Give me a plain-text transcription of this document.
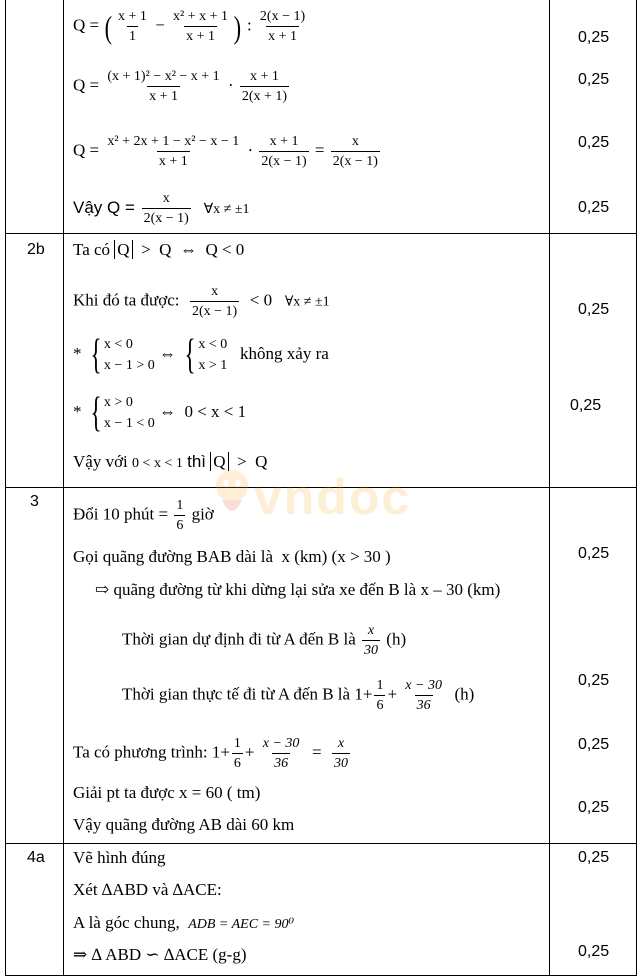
vndoc
2b
3
4a
0,25
0,25
0,25
0,25
0,25
0,25
0,25
0,25
0,25
0,25
0,25
0,25
Q = ( $\frac{x + 1}{1} - \frac{\text{x² + x + 1}}{x + 1}$ ) : $\frac{2(x - 1)}{x + 1}$
$Q = \frac{\text{(x + 1)² − x² − x + 1}}{x + 1} \cdot \frac{x + 1}{2(x + 1)}$
$Q = \frac{\text{x² + 2x + 1 − x² − x − 1}}{x + 1} \cdot \frac{x + 1}{2(x - 1)} = \frac{x}{2(x - 1)}$
Vậy $Q = \frac{x}{2(x - 1)}$ ∀x ≠ ±1
Ta có Q  >  Q  ⇔  Q < 0
Khi đó ta được: $\frac{x}{2(x - 1)} < 0$   ∀x ≠ ±1
* { x < 0
x − 1 > 0
⇔ { x < 0
x > 1
không xảy ra
* { x > 0
x − 1 < 0
⇔  0 < x < 1
Vậy với 0 < x < 1 thì Q  >  Q
Đổi 10 phút = $\frac{1}{6}$ giờ
Gọi quãng đường BAB dài là x (km) (x > 30 )
⇨ quãng đường từ khi dừng lại sửa xe đến B là x – 30 (km)
Thời gian dự định đi từ A đến B là $\frac{x}{30} (h)$
Thời gian thực tế đi từ A đến B là $1+ \frac{1}{6} + \frac{x - 30}{36} (h)$
Ta có phương trình: $1+ \frac{1}{6} + \frac{x - 30}{36} = \frac{x}{30}$
Giải pt ta được x = 60 ( tm)
Vậy quãng đường AB dài 60 km
Vẽ hình đúng
Xét ∆ABD và ∆ACE:
A là góc chung, ADB = AEC = 90⁰
⇒ ∆ ABD ∽ ∆ACE (g-g)
